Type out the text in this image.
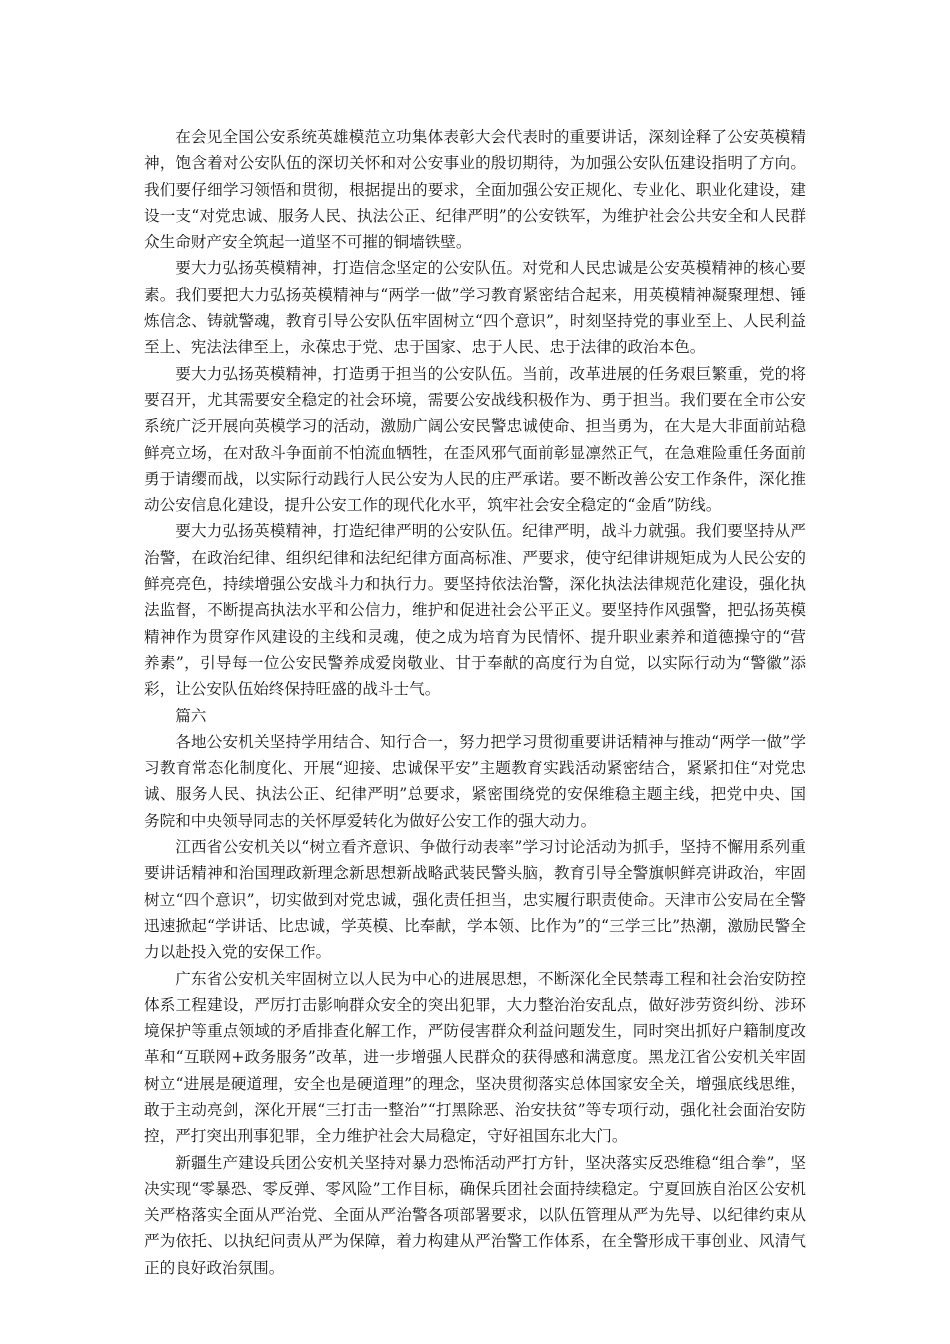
在会见全国公安系统英雄模范立功集体表彰大会代表时的重要讲话，深刻诠释了公安英模精神，饱含着对公安队伍的深切关怀和对公安事业的殷切期待，为加强公安队伍建设指明了方向。我们要仔细学习领悟和贯彻，根据提出的要求，全面加强公安正规化、专业化、职业化建设，建设一支“对党忠诚、服务人民、执法公正、纪律严明”的公安铁军，为维护社会公共安全和人民群众生命财产安全筑起一道坚不可摧的铜墙铁壁。

要大力弘扬英模精神，打造信念坚定的公安队伍。对党和人民忠诚是公安英模精神的核心要素。我们要把大力弘扬英模精神与“两学一做”学习教育紧密结合起来，用英模精神凝聚理想、锤炼信念、铸就警魂，教育引导公安队伍牢固树立“四个意识”，时刻坚持党的事业至上、人民利益至上、宪法法律至上，永葆忠于党、忠于国家、忠于人民、忠于法律的政治本色。

要大力弘扬英模精神，打造勇于担当的公安队伍。当前，改革进展的任务艰巨繁重，党的将要召开，尤其需要安全稳定的社会环境，需要公安战线积极作为、勇于担当。我们要在全市公安系统广泛开展向英模学习的活动，激励广阔公安民警忠诚使命、担当勇为，在大是大非面前站稳鲜亮立场，在对敌斗争面前不怕流血牺牲，在歪风邪气面前彰显凛然正气，在急难险重任务面前勇于请缨而战，以实际行动践行人民公安为人民的庄严承诺。要不断改善公安工作条件，深化推动公安信息化建设，提升公安工作的现代化水平，筑牢社会安全稳定的“金盾”防线。

要大力弘扬英模精神，打造纪律严明的公安队伍。纪律严明，战斗力就强。我们要坚持从严治警，在政治纪律、组织纪律和法纪纪律方面高标准、严要求，使守纪律讲规矩成为人民公安的鲜亮亮色，持续增强公安战斗力和执行力。要坚持依法治警，深化执法法律规范化建设，强化执法监督，不断提高执法水平和公信力，维护和促进社会公平正义。要坚持作风强警，把弘扬英模精神作为贯穿作风建设的主线和灵魂，使之成为培育为民情怀、提升职业素养和道德操守的“营养素”，引导每一位公安民警养成爱岗敬业、甘于奉献的高度行为自觉，以实际行动为“警徽”添彩，让公安队伍始终保持旺盛的战斗士气。

篇六

各地公安机关坚持学用结合、知行合一，努力把学习贯彻重要讲话精神与推动“两学一做”学习教育常态化制度化、开展“迎接、忠诚保平安”主题教育实践活动紧密结合，紧紧扣住“对党忠诚、服务人民、执法公正、纪律严明”总要求，紧密围绕党的安保维稳主题主线，把党中央、国务院和中央领导同志的关怀厚爱转化为做好公安工作的强大动力。

江西省公安机关以“树立看齐意识、争做行动表率”学习讨论活动为抓手，坚持不懈用系列重要讲话精神和治国理政新理念新思想新战略武装民警头脑，教育引导全警旗帜鲜亮讲政治，牢固树立“四个意识”，切实做到对党忠诚，强化责任担当，忠实履行职责使命。天津市公安局在全警迅速掀起“学讲话、比忠诚，学英模、比奉献，学本领、比作为”的“三学三比”热潮，激励民警全力以赴投入党的安保工作。

广东省公安机关牢固树立以人民为中心的进展思想，不断深化全民禁毒工程和社会治安防控体系工程建设，严厉打击影响群众安全的突出犯罪，大力整治治安乱点，做好涉劳资纠纷、涉环境保护等重点领域的矛盾排查化解工作，严防侵害群众利益问题发生，同时突出抓好户籍制度改革和“互联网+政务服务”改革，进一步增强人民群众的获得感和满意度。黑龙江省公安机关牢固树立“进展是硬道理，安全也是硬道理”的理念，坚决贯彻落实总体国家安全关，增强底线思维，敢于主动亮剑，深化开展“三打击一整治”“打黑除恶、治安扶贫”等专项行动，强化社会面治安防控，严打突出刑事犯罪，全力维护社会大局稳定，守好祖国东北大门。

新疆生产建设兵团公安机关坚持对暴力恐怖活动严打方针，坚决落实反恐维稳“组合拳”，坚决实现“零暴恐、零反弹、零风险”工作目标，确保兵团社会面持续稳定。宁夏回族自治区公安机关严格落实全面从严治党、全面从严治警各项部署要求，以队伍管理从严为先导、以纪律约束从严为依托、以执纪问责从严为保障，着力构建从严治警工作体系，在全警形成干事创业、风清气正的良好政治氛围。
